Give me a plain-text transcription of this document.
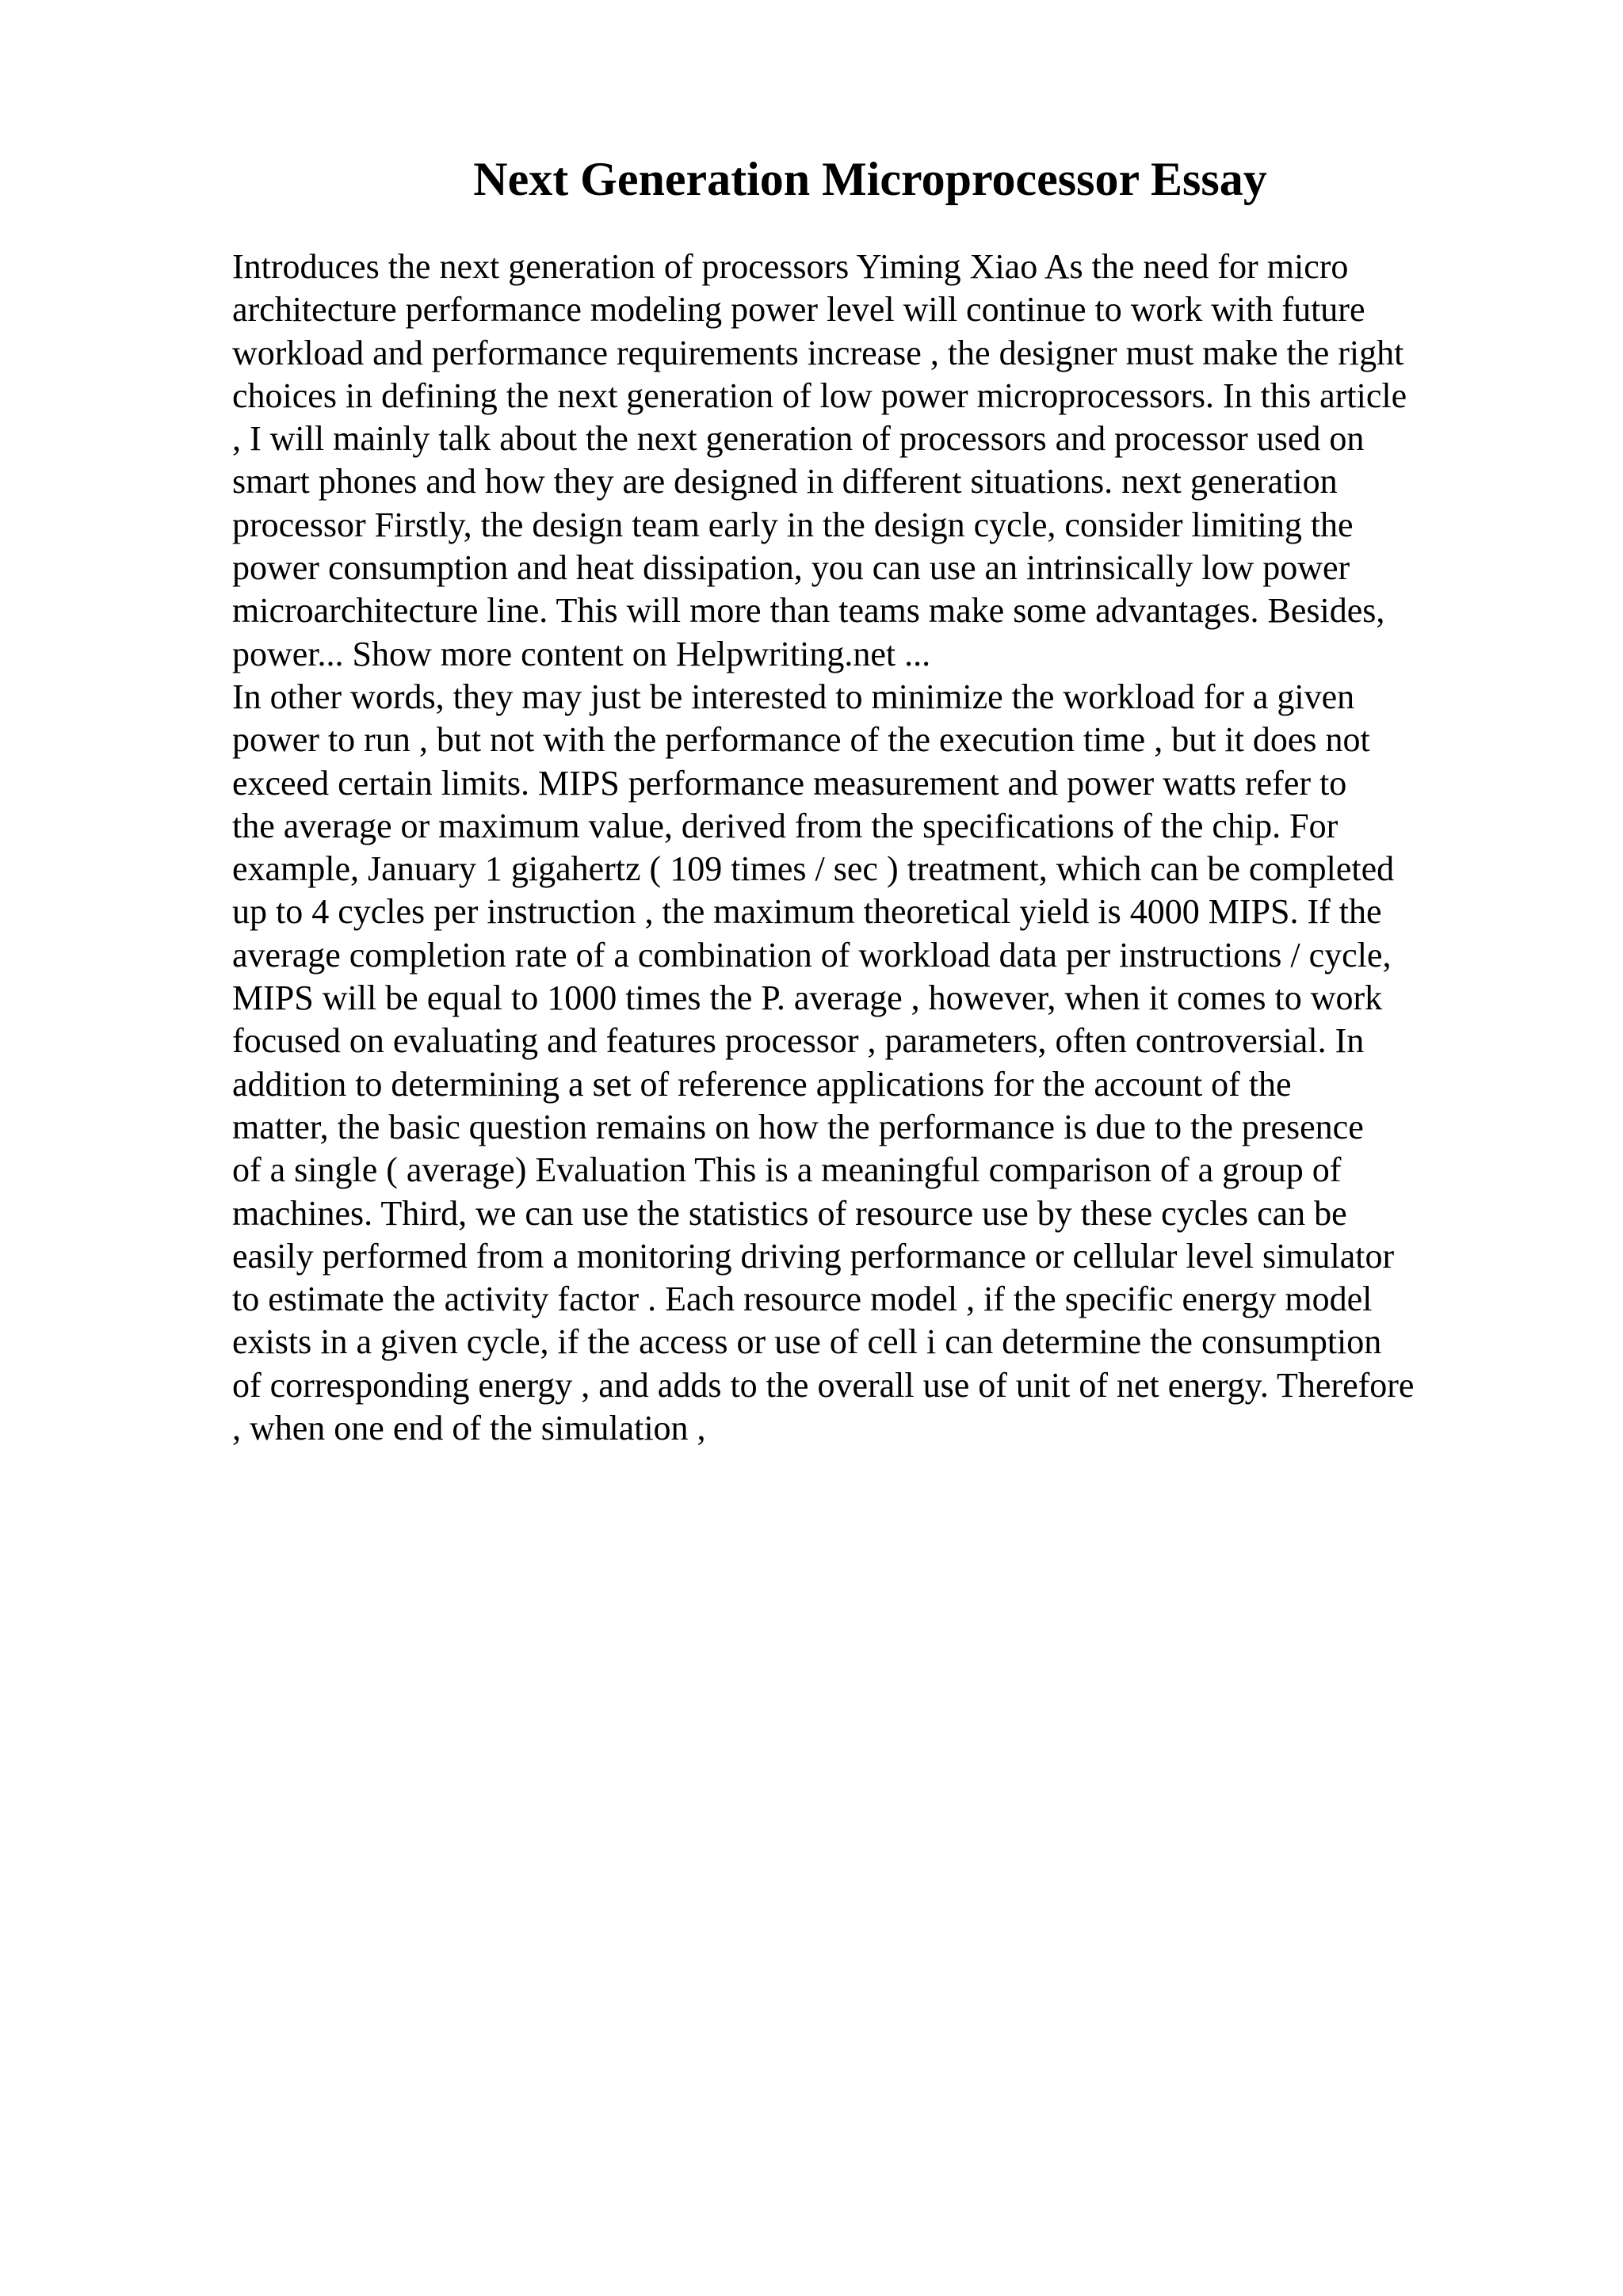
Next Generation Microprocessor Essay
Introduces the next generation of processors Yiming Xiao As the need for micro
architecture performance modeling power level will continue to work with future
workload and performance requirements increase , the designer must make the right
choices in defining the next generation of low power microprocessors. In this article
, I will mainly talk about the next generation of processors and processor used on
smart phones and how they are designed in different situations. next generation
processor Firstly, the design team early in the design cycle, consider limiting the
power consumption and heat dissipation, you can use an intrinsically low power
microarchitecture line. This will more than teams make some advantages. Besides,
power... Show more content on Helpwriting.net ...
In other words, they may just be interested to minimize the workload for a given
power to run , but not with the performance of the execution time , but it does not
exceed certain limits. MIPS performance measurement and power watts refer to
the average or maximum value, derived from the specifications of the chip. For
example, January 1 gigahertz ( 109 times / sec ) treatment, which can be completed
up to 4 cycles per instruction , the maximum theoretical yield is 4000 MIPS. If the
average completion rate of a combination of workload data per instructions / cycle,
MIPS will be equal to 1000 times the P. average , however, when it comes to work
focused on evaluating and features processor , parameters, often controversial. In
addition to determining a set of reference applications for the account of the
matter, the basic question remains on how the performance is due to the presence
of a single ( average) Evaluation This is a meaningful comparison of a group of
machines. Third, we can use the statistics of resource use by these cycles can be
easily performed from a monitoring driving performance or cellular level simulator
to estimate the activity factor . Each resource model , if the specific energy model
exists in a given cycle, if the access or use of cell i can determine the consumption
of corresponding energy , and adds to the overall use of unit of net energy. Therefore
, when one end of the simulation ,
